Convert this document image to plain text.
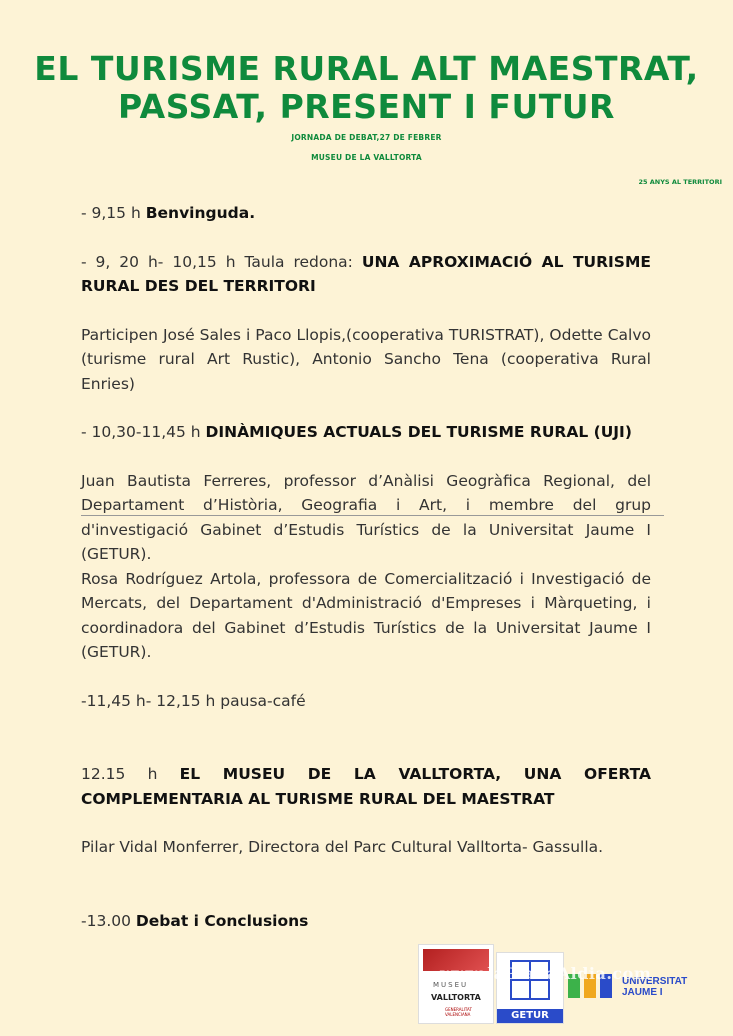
EL TURISME RURAL ALT MAESTRAT,
PASSAT, PRESENT I FUTUR
JORNADA DE DEBAT,27 DE FEBRER
MUSEU DE LA VALLTORTA
25 ANYS AL TERRITORI

- 9,15 h Benvinguda.

- 9, 20 h- 10,15 h Taula redona: UNA APROXIMACIÓ AL TURISME RURAL DES DEL TERRITORI

Participen José Sales i Paco Llopis,(cooperativa TURISTRAT), Odette Calvo (turisme rural Art Rustic), Antonio Sancho Tena (cooperativa Rural Enries)

- 10,30-11,45 h DINÀMIQUES ACTUALS DEL TURISME RURAL (UJI)

Juan Bautista Ferreres, professor d’Anàlisi Geogràfica Regional, del Departament d’Història, Geografia i Art, i membre del grup d'investigació Gabinet d’Estudis Turístics de la Universitat Jaume I (GETUR).

Rosa Rodríguez Artola, professora de Comercialització i Investigació de Mercats, del Departament d'Administració d'Empreses i Màrqueting, i coordinadora del Gabinet d’Estudis Turístics de la Universitat Jaume I (GETUR).

-11,45 h- 12,15 h pausa-café

12.15 h EL MUSEU DE LA VALLTORTA, UNA OFERTA COMPLEMENTARIA AL TURISME RURAL DEL MAESTRAT

Pilar Vidal Monferrer, Directora del Parc Cultural Valltorta- Gassulla.

-13.00 Debat i Conclusions

MUSEU
VALLTORTA
GENERALITAT VALENCIANA	GETUR
UNIVERSITAT
JAUME I
www.laPlanaAldia.com
